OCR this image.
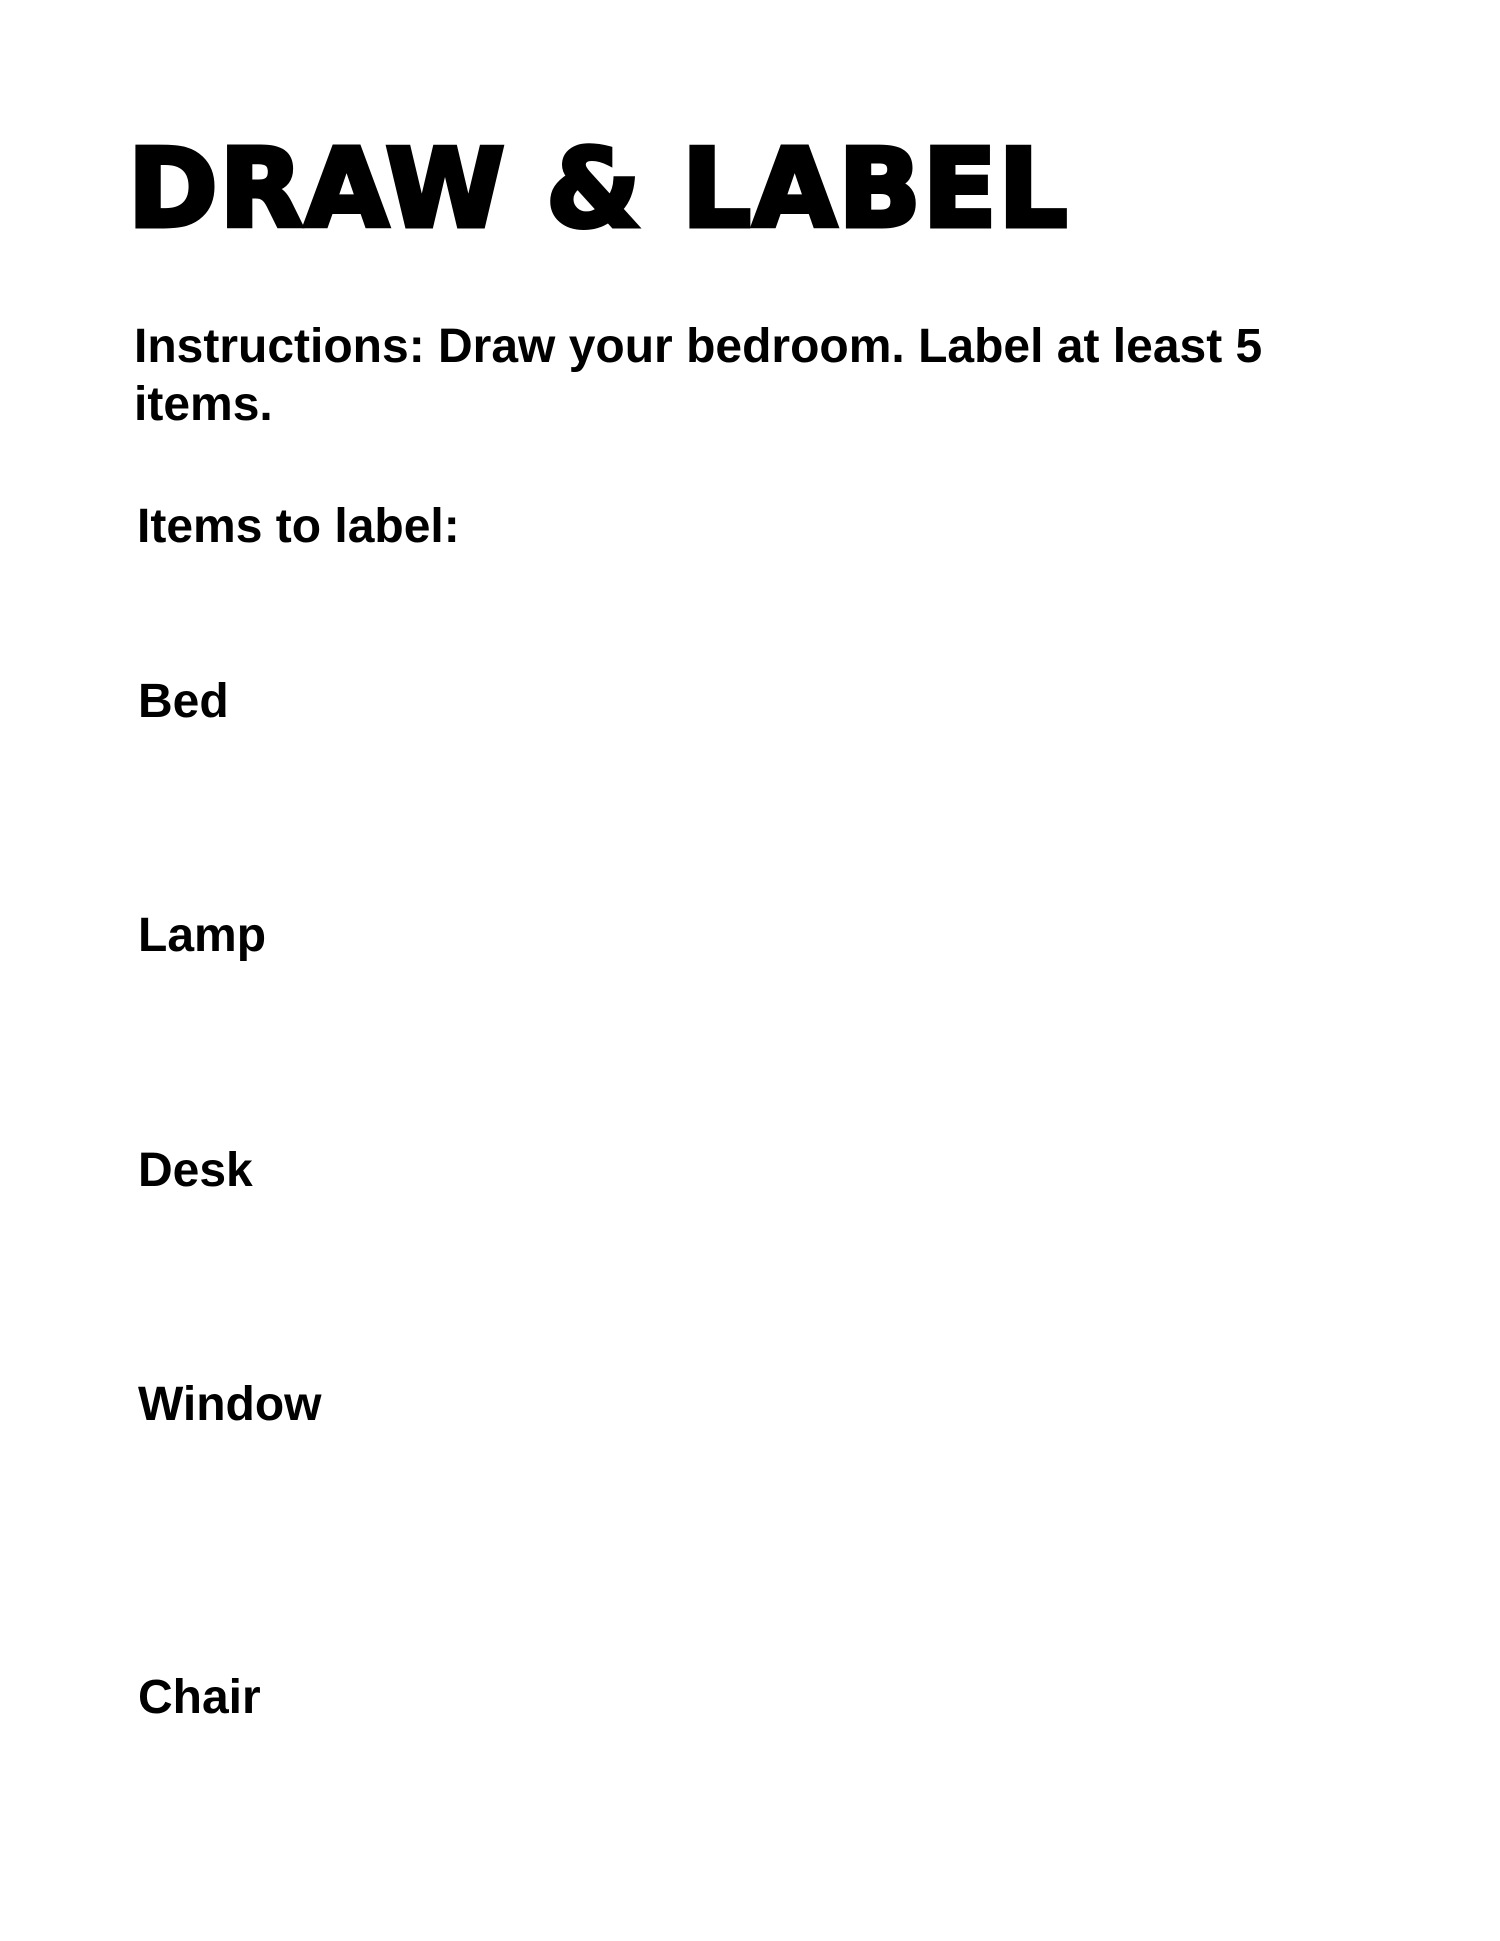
DRAW & LABEL

Instructions: Draw your bedroom. Label at least 5 items.

Items to label:

Bed

Lamp

Desk

Window

Chair
